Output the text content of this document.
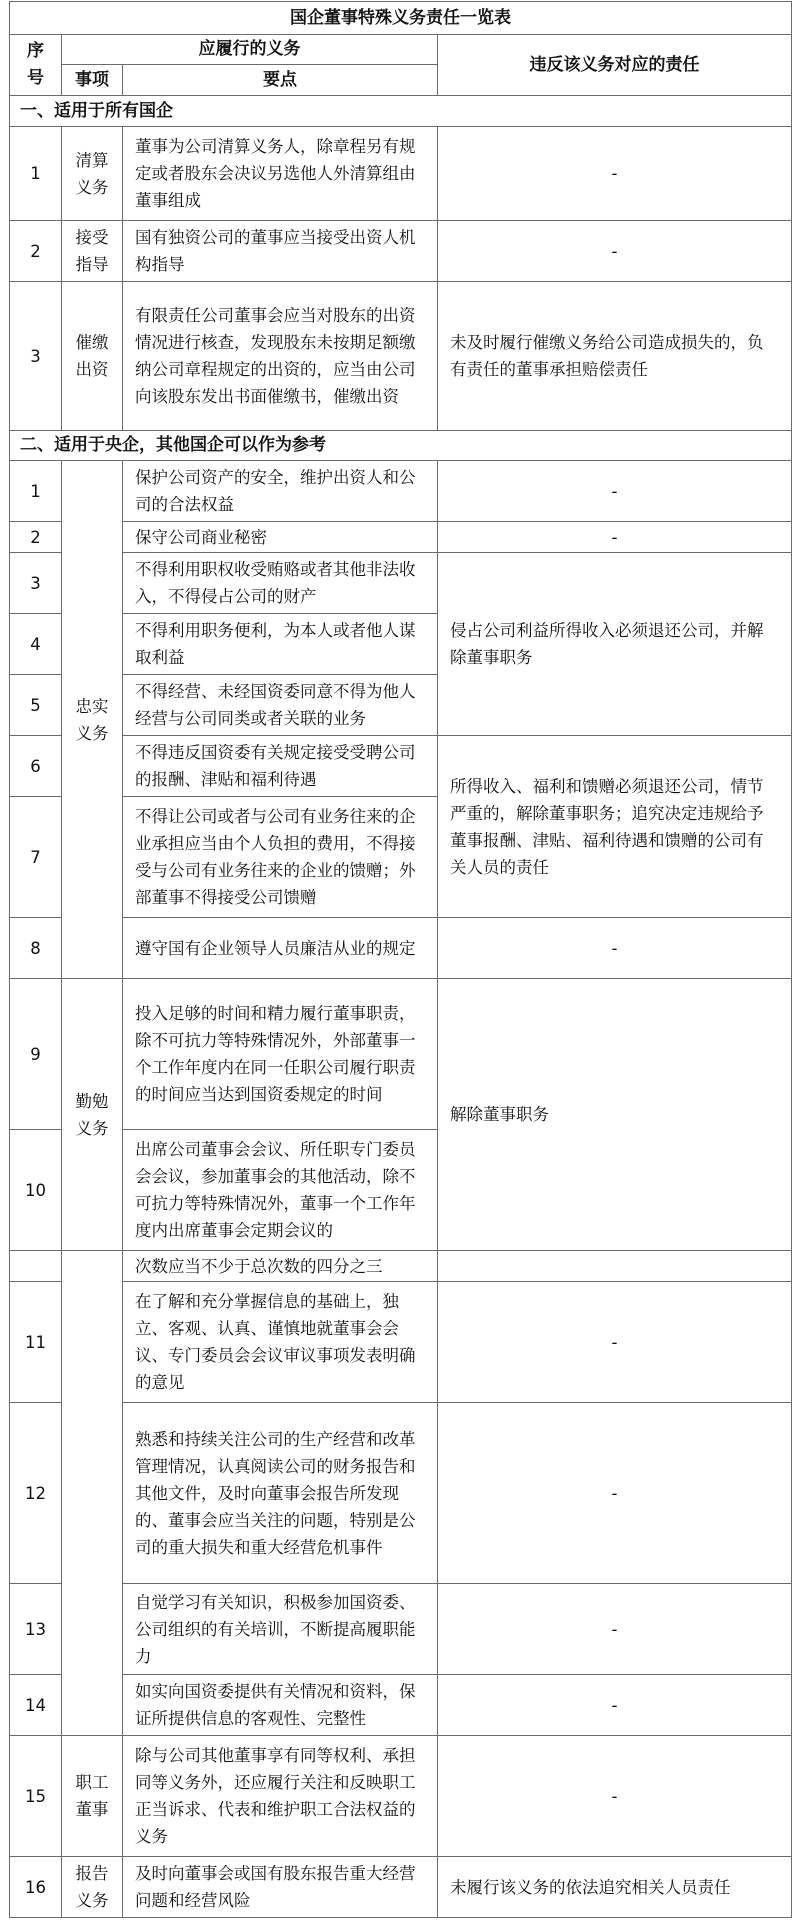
国企董事特殊义务责任一览表			
序号	应履行的义务		违反该义务对应的责任
	事项	要点	
一、适用于所有国企			
1	清算义务	董事为公司清算义务人，除章程另有规定或者股东会决议另选他人外清算组由董事组成	-
2	接受指导	国有独资公司的董事应当接受出资人机构指导	-
3	催缴出资	有限责任公司董事会应当对股东的出资情况进行核查，发现股东未按期足额缴纳公司章程规定的出资的，应当由公司向该股东发出书面催缴书，催缴出资	未及时履行催缴义务给公司造成损失的，负有责任的董事承担赔偿责任
二、适用于央企，其他国企可以作为参考			
1	忠实义务	保护公司资产的安全，维护出资人和公司的合法权益	-
2		保守公司商业秘密	-
3		不得利用职权收受贿赂或者其他非法收入，不得侵占公司的财产	侵占公司利益所得收入必须退还公司，并解除董事职务
4		不得利用职务便利，为本人或者他人谋取利益	
5		不得经营、未经国资委同意不得为他人经营与公司同类或者关联的业务	
6		不得违反国资委有关规定接受受聘公司的报酬、津贴和福利待遇	所得收入、福利和馈赠必须退还公司，情节严重的，解除董事职务；追究决定违规给予董事报酬、津贴、福利待遇和馈赠的公司有关人员的责任
7		不得让公司或者与公司有业务往来的企业承担应当由个人负担的费用，不得接受与公司有业务往来的企业的馈赠；外部董事不得接受公司馈赠	
8		遵守国有企业领导人员廉洁从业的规定	-
9	勤勉义务	投入足够的时间和精力履行董事职责，除不可抗力等特殊情况外，外部董事一个工作年度内在同一任职公司履行职责的时间应当达到国资委规定的时间	解除董事职务
10		出席公司董事会会议、所任职专门委员会会议，参加董事会的其他活动，除不可抗力等特殊情况外，董事一个工作年度内出席董事会定期会议的	
		次数应当不少于总次数的四分之三	
11		在了解和充分掌握信息的基础上，独立、客观、认真、谨慎地就董事会会议、专门委员会会议审议事项发表明确的意见	-
12		熟悉和持续关注公司的生产经营和改革管理情况，认真阅读公司的财务报告和其他文件，及时向董事会报告所发现的、董事会应当关注的问题，特别是公司的重大损失和重大经营危机事件	-
13		自觉学习有关知识，积极参加国资委、公司组织的有关培训，不断提高履职能力	-
14		如实向国资委提供有关情况和资料，保证所提供信息的客观性、完整性	-
15	职工董事	除与公司其他董事享有同等权利、承担同等义务外，还应履行关注和反映职工正当诉求、代表和维护职工合法权益的义务	-
16	报告义务	及时向董事会或国有股东报告重大经营问题和经营风险	未履行该义务的依法追究相关人员责任
